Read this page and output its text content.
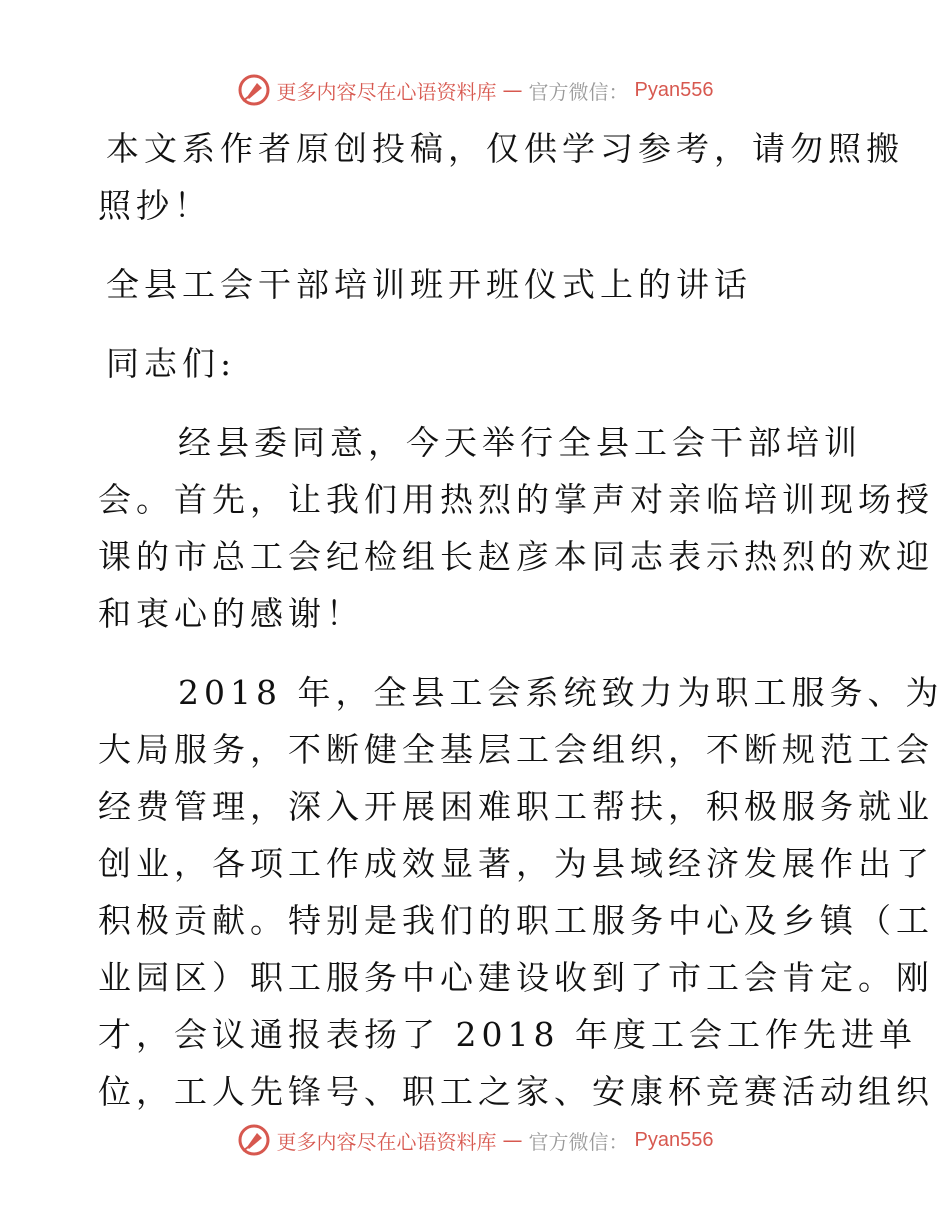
更多内容尽在心语资料库 — 官方微信： Pyan556
本文系作者原创投稿，仅供学习参考，请勿照搬
照抄！
全县工会干部培训班开班仪式上的讲话
同志们:
经县委同意，今天举行全县工会干部培训
会。首先，让我们用热烈的掌声对亲临培训现场授
课的市总工会纪检组长赵彦本同志表示热烈的欢迎
和衷心的感谢！
2018 年，全县工会系统致力为职工服务、为
大局服务，不断健全基层工会组织，不断规范工会
经费管理，深入开展困难职工帮扶，积极服务就业
创业，各项工作成效显著，为县域经济发展作出了
积极贡献。特别是我们的职工服务中心及乡镇（工
业园区）职工服务中心建设收到了市工会肯定。刚
才，会议通报表扬了 2018 年度工会工作先进单
位，工人先锋号、职工之家、安康杯竞赛活动组织
更多内容尽在心语资料库 — 官方微信： Pyan556
